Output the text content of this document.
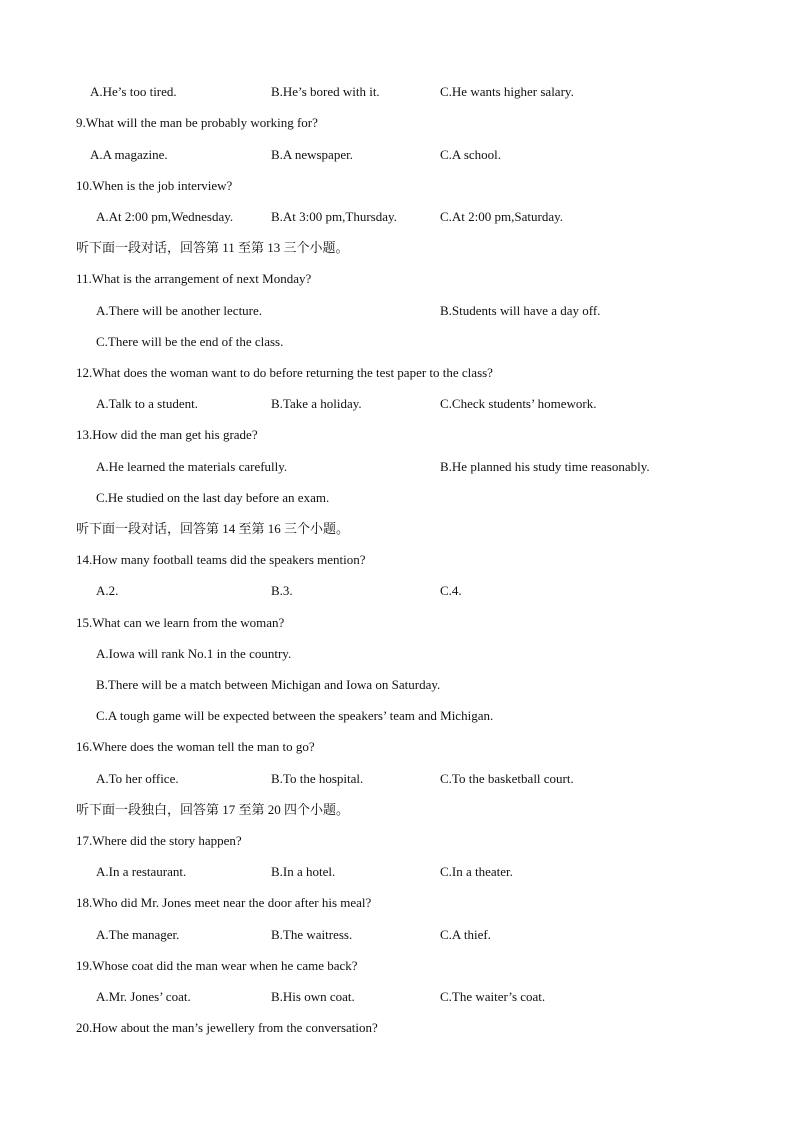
A.He’s too tired.	B.He’s bored with it.	C.He wants higher salary.
9.What will the man be probably working for?
A.A magazine.	B.A newspaper.	C.A school.
10.When is the job interview?
A.At 2:00 pm,Wednesday.	B.At 3:00 pm,Thursday.	C.At 2:00 pm,Saturday.
听下面一段对话，回答第 11 至第 13 三个小题。
11.What is the arrangement of next Monday?
A.There will be another lecture.	B.Students will have a day off.
C.There will be the end of the class.
12.What does the woman want to do before returning the test paper to the class?
A.Talk to a student.	B.Take a holiday.	C.Check students’ homework.
13.How did the man get his grade?
A.He learned the materials carefully.	B.He planned his study time reasonably.
C.He studied on the last day before an exam.
听下面一段对话，回答第 14 至第 16 三个小题。
14.How many football teams did the speakers mention?
A.2.	B.3.	C.4.
15.What can we learn from the woman?
A.Iowa will rank No.1 in the country.
B.There will be a match between Michigan and Iowa on Saturday.
C.A tough game will be expected between the speakers’ team and Michigan.
16.Where does the woman tell the man to go?
A.To her office.	B.To the hospital.	C.To the basketball court.
听下面一段独白，回答第 17 至第 20 四个小题。
17.Where did the story happen?
A.In a restaurant.	B.In a hotel.	C.In a theater.
18.Who did Mr. Jones meet near the door after his meal?
A.The manager.	B.The waitress.	C.A thief.
19.Whose coat did the man wear when he came back?
A.Mr. Jones’ coat.	B.His own coat.	C.The waiter’s coat.
20.How about the man’s jewellery from the conversation?
